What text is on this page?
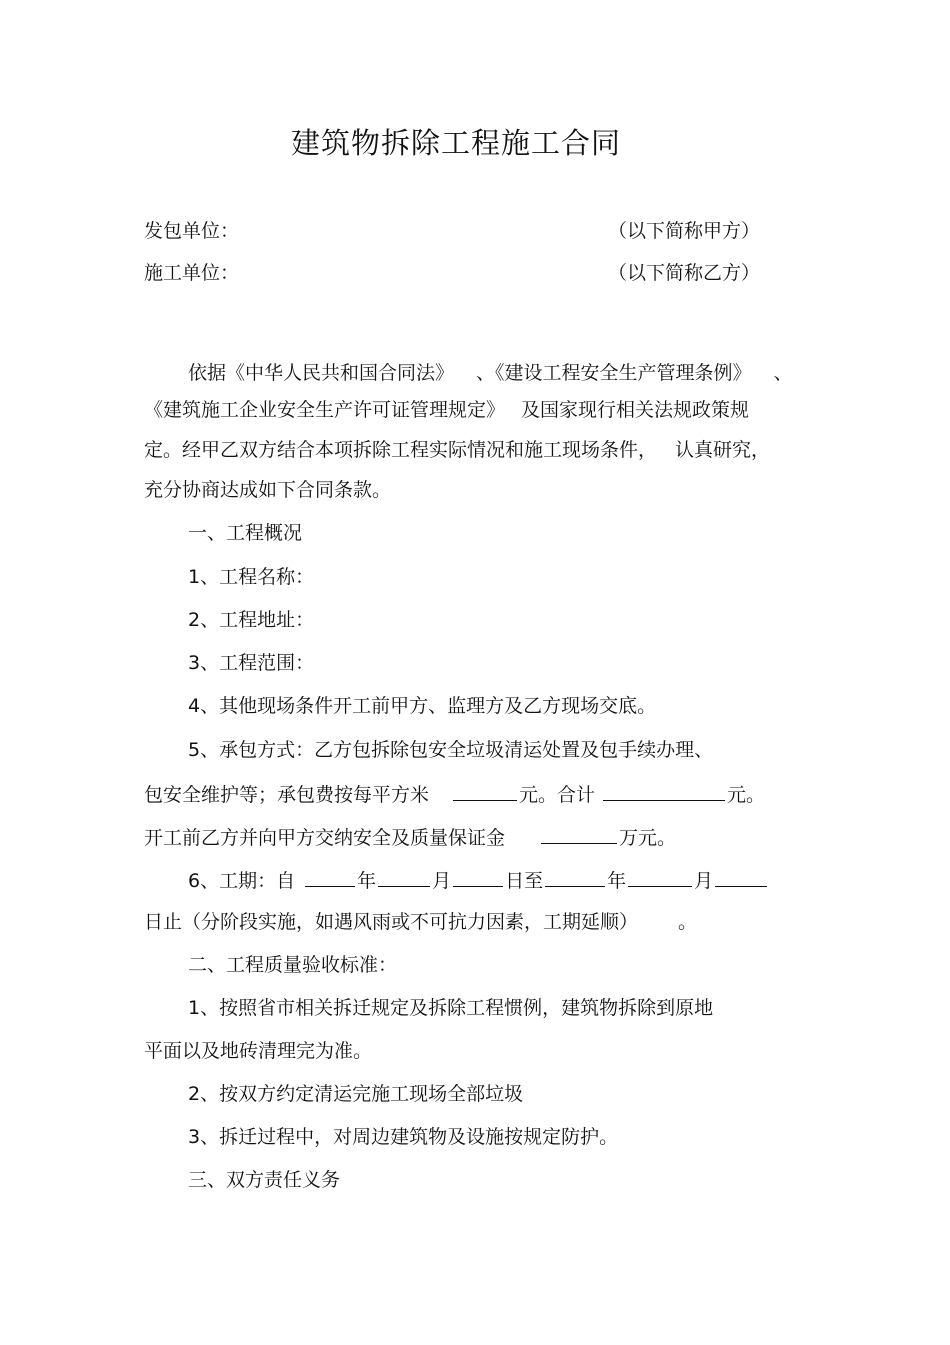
建筑物拆除工程施工合同
发包单位：	（以下简称甲方）
施工单位：	（以下简称乙方）
依据《中华人民共和国合同法》 、《建设工程安全生产管理条例》 、
《建筑施工企业安全生产许可证管理规定》 及国家现行相关法规政策规
定。经甲乙双方结合本项拆除工程实际情况和施工现场条件， 认真研究，
充分协商达成如下合同条款。
一、工程概况
1、工程名称：
2、工程地址：
3、工程范围：
4、其他现场条件开工前甲方、监理方及乙方现场交底。
5、承包方式：乙方包拆除包安全垃圾清运处置及包手续办理、
包安全维护等；承包费按每平方米	元。合计	元。
开工前乙方并向甲方交纳安全及质量保证金	万元。
6、工期：自	年	月	日至	年	月
日止（分阶段实施，如遇风雨或不可抗力因素，工期延顺） 。
二、工程质量验收标准：
1、按照省市相关拆迁规定及拆除工程惯例，建筑物拆除到原地
平面以及地砖清理完为准。
2、按双方约定清运完施工现场全部垃圾
3、拆迁过程中，对周边建筑物及设施按规定防护。
三、双方责任义务
